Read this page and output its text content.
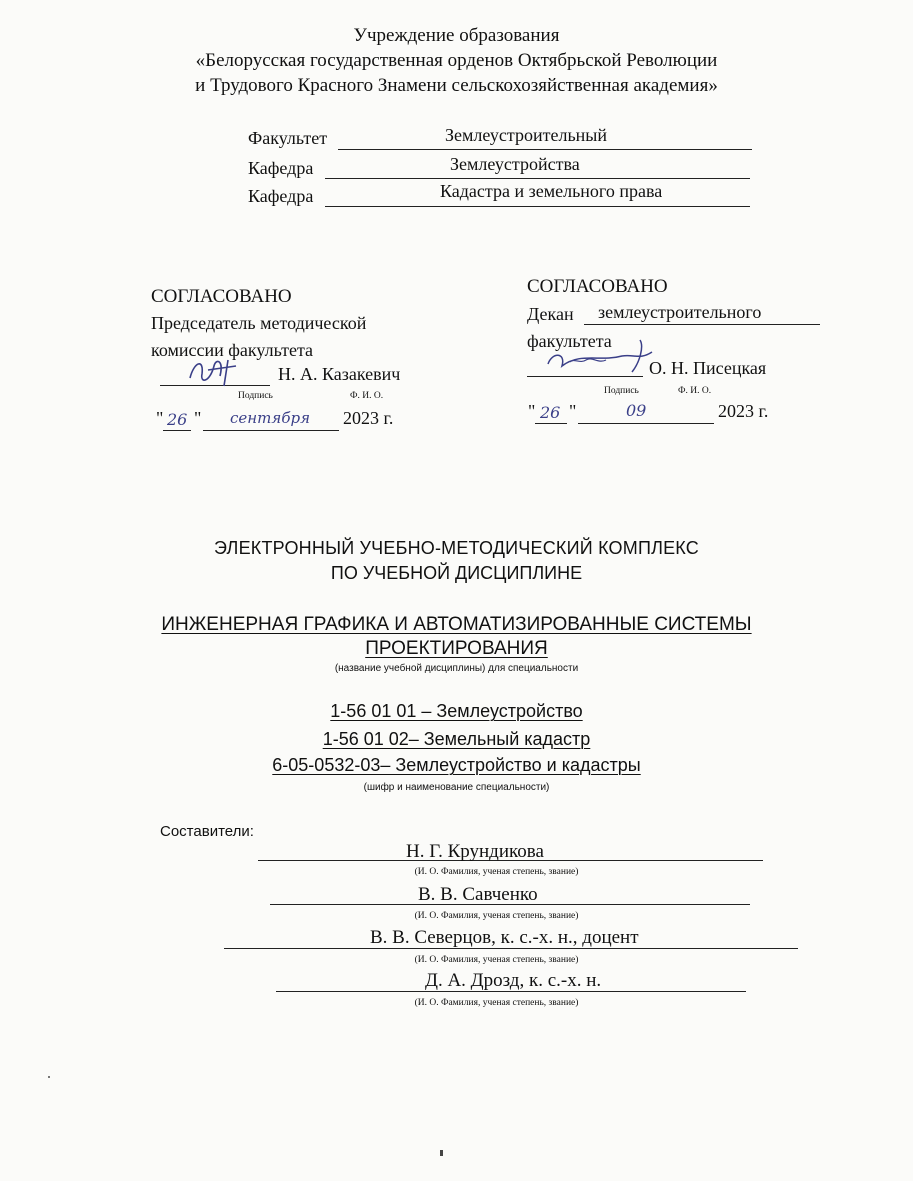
Учреждение образования
«Белорусская государственная орденов Октябрьской Революции
и Трудового Красного Знамени сельскохозяйственная академия»
Факультет	Землеустроительный
Кафедра	Землеустройства
Кафедра	Кадастра и земельного права
СОГЛАСОВАНО
Председатель методической
комиссии факультета
Н. А. Казакевич
Подпись	Ф. И. О.
" 26 " сентября 2023 г.
СОГЛАСОВАНО
Декан землеустроительного
факультета
О. Н. Писецкая
Подпись	Ф. И. О.
" 26 "	09	2023 г.
ЭЛЕКТРОННЫЙ УЧЕБНО-МЕТОДИЧЕСКИЙ КОМПЛЕКС
ПО УЧЕБНОЙ ДИСЦИПЛИНЕ
ИНЖЕНЕРНАЯ ГРАФИКА И АВТОМАТИЗИРОВАННЫЕ СИСТЕМЫ
ПРОЕКТИРОВАНИЯ
(название учебной дисциплины) для специальности
1-56 01 01 – Землеустройство
1-56 01 02– Земельный кадастр
6-05-0532-03– Землеустройство и кадастры
(шифр и наименование специальности)
Составители:
Н. Г. Крундикова
(И. О. Фамилия, ученая степень, звание)
В. В. Савченко
(И. О. Фамилия, ученая степень, звание)
В. В. Северцов, к. с.-х. н., доцент
(И. О. Фамилия, ученая степень, звание)
Д. А. Дрозд, к. с.-х. н.
(И. О. Фамилия, ученая степень, звание)
